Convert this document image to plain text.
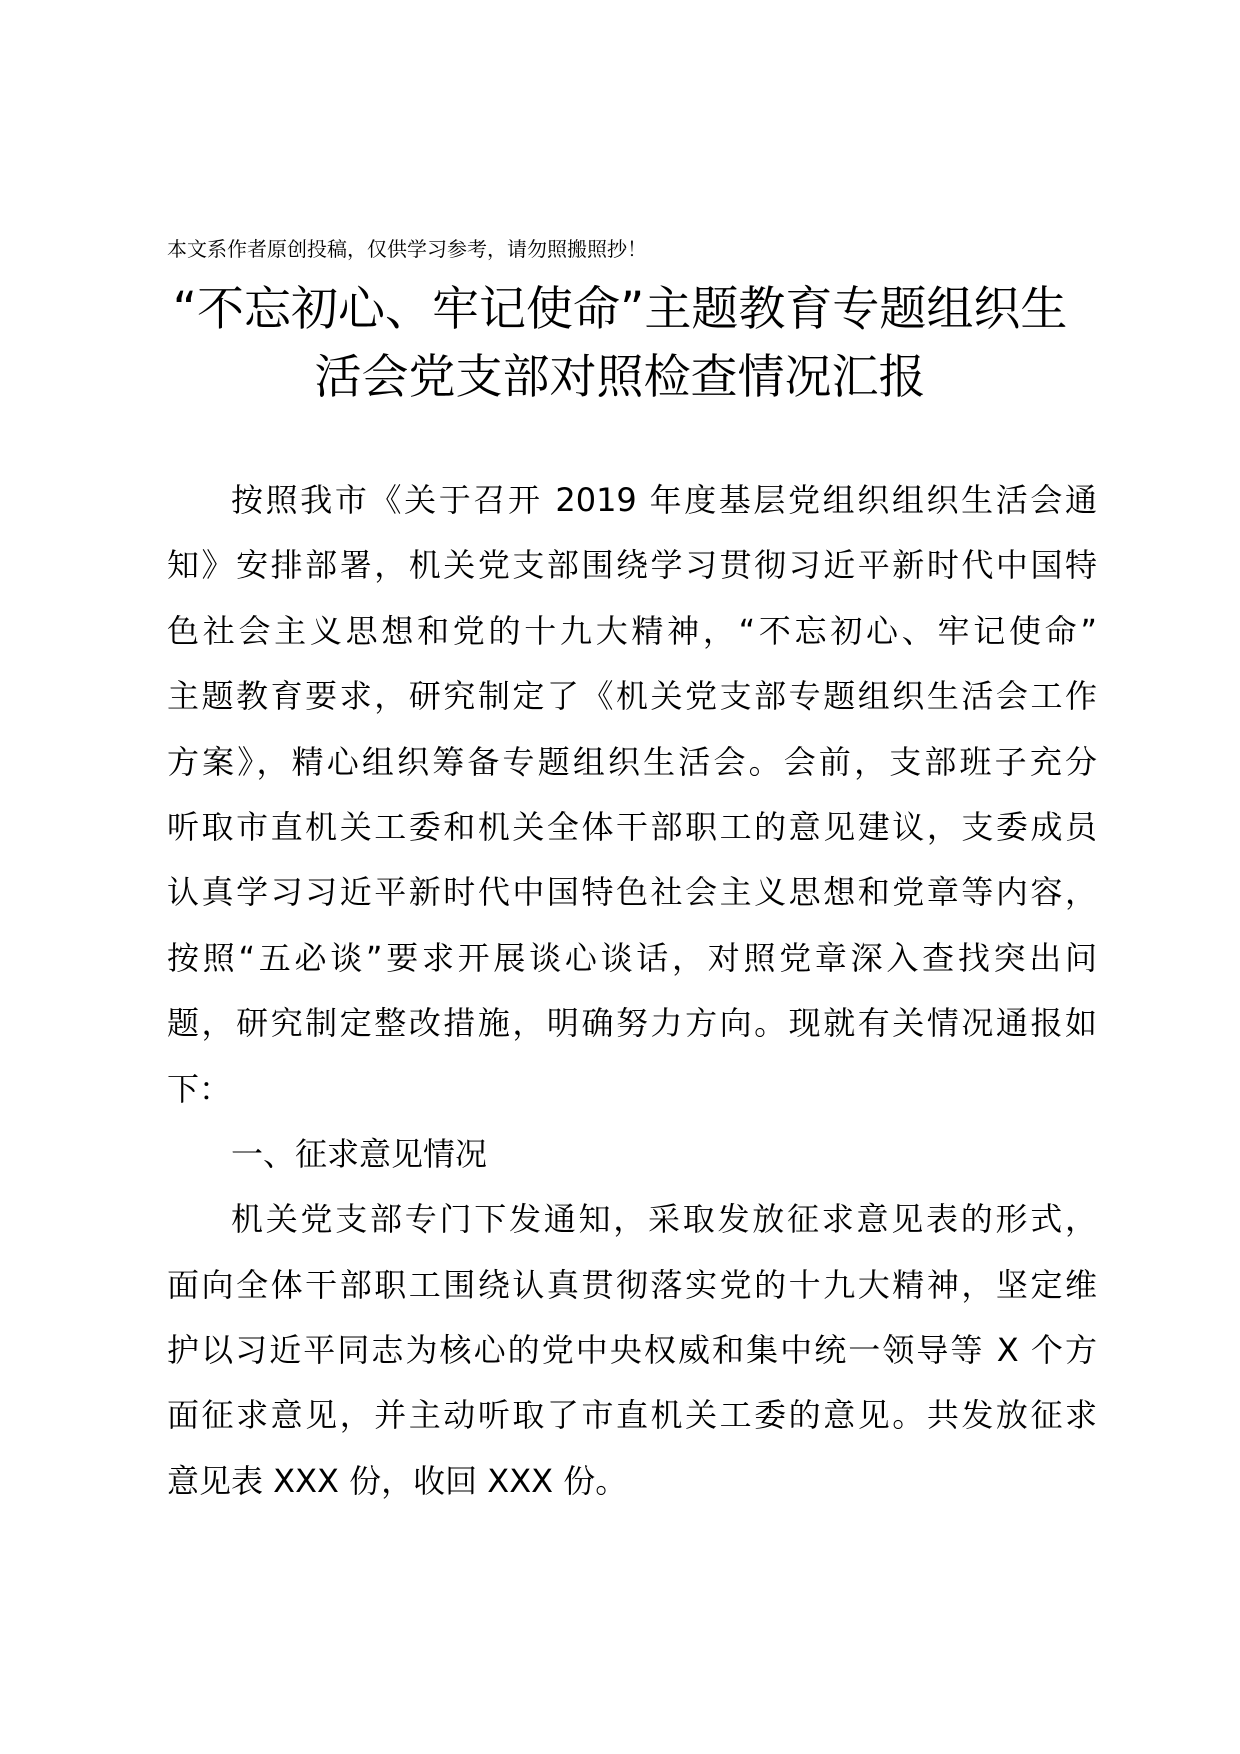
本文系作者原创投稿，仅供学习参考，请勿照搬照抄！
“不忘初心、牢记使命”主题教育专题组织生
活会党支部对照检查情况汇报
按照我市《关于召开 2019 年度基层党组织组织生活会通
知》安排部署，机关党支部围绕学习贯彻习近平新时代中国特
色社会主义思想和党的十九大精神，“不忘初心、牢记使命”
主题教育要求，研究制定了《机关党支部专题组织生活会工作
方案》，精心组织筹备专题组织生活会。会前，支部班子充分
听取市直机关工委和机关全体干部职工的意见建议，支委成员
认真学习习近平新时代中国特色社会主义思想和党章等内容，
按照“五必谈”要求开展谈心谈话，对照党章深入查找突出问
题，研究制定整改措施，明确努力方向。现就有关情况通报如
下：
一、征求意见情况
机关党支部专门下发通知，采取发放征求意见表的形式，
面向全体干部职工围绕认真贯彻落实党的十九大精神，坚定维
护以习近平同志为核心的党中央权威和集中统一领导等 X 个方
面征求意见，并主动听取了市直机关工委的意见。共发放征求
意见表 XXX 份，收回 XXX 份。
